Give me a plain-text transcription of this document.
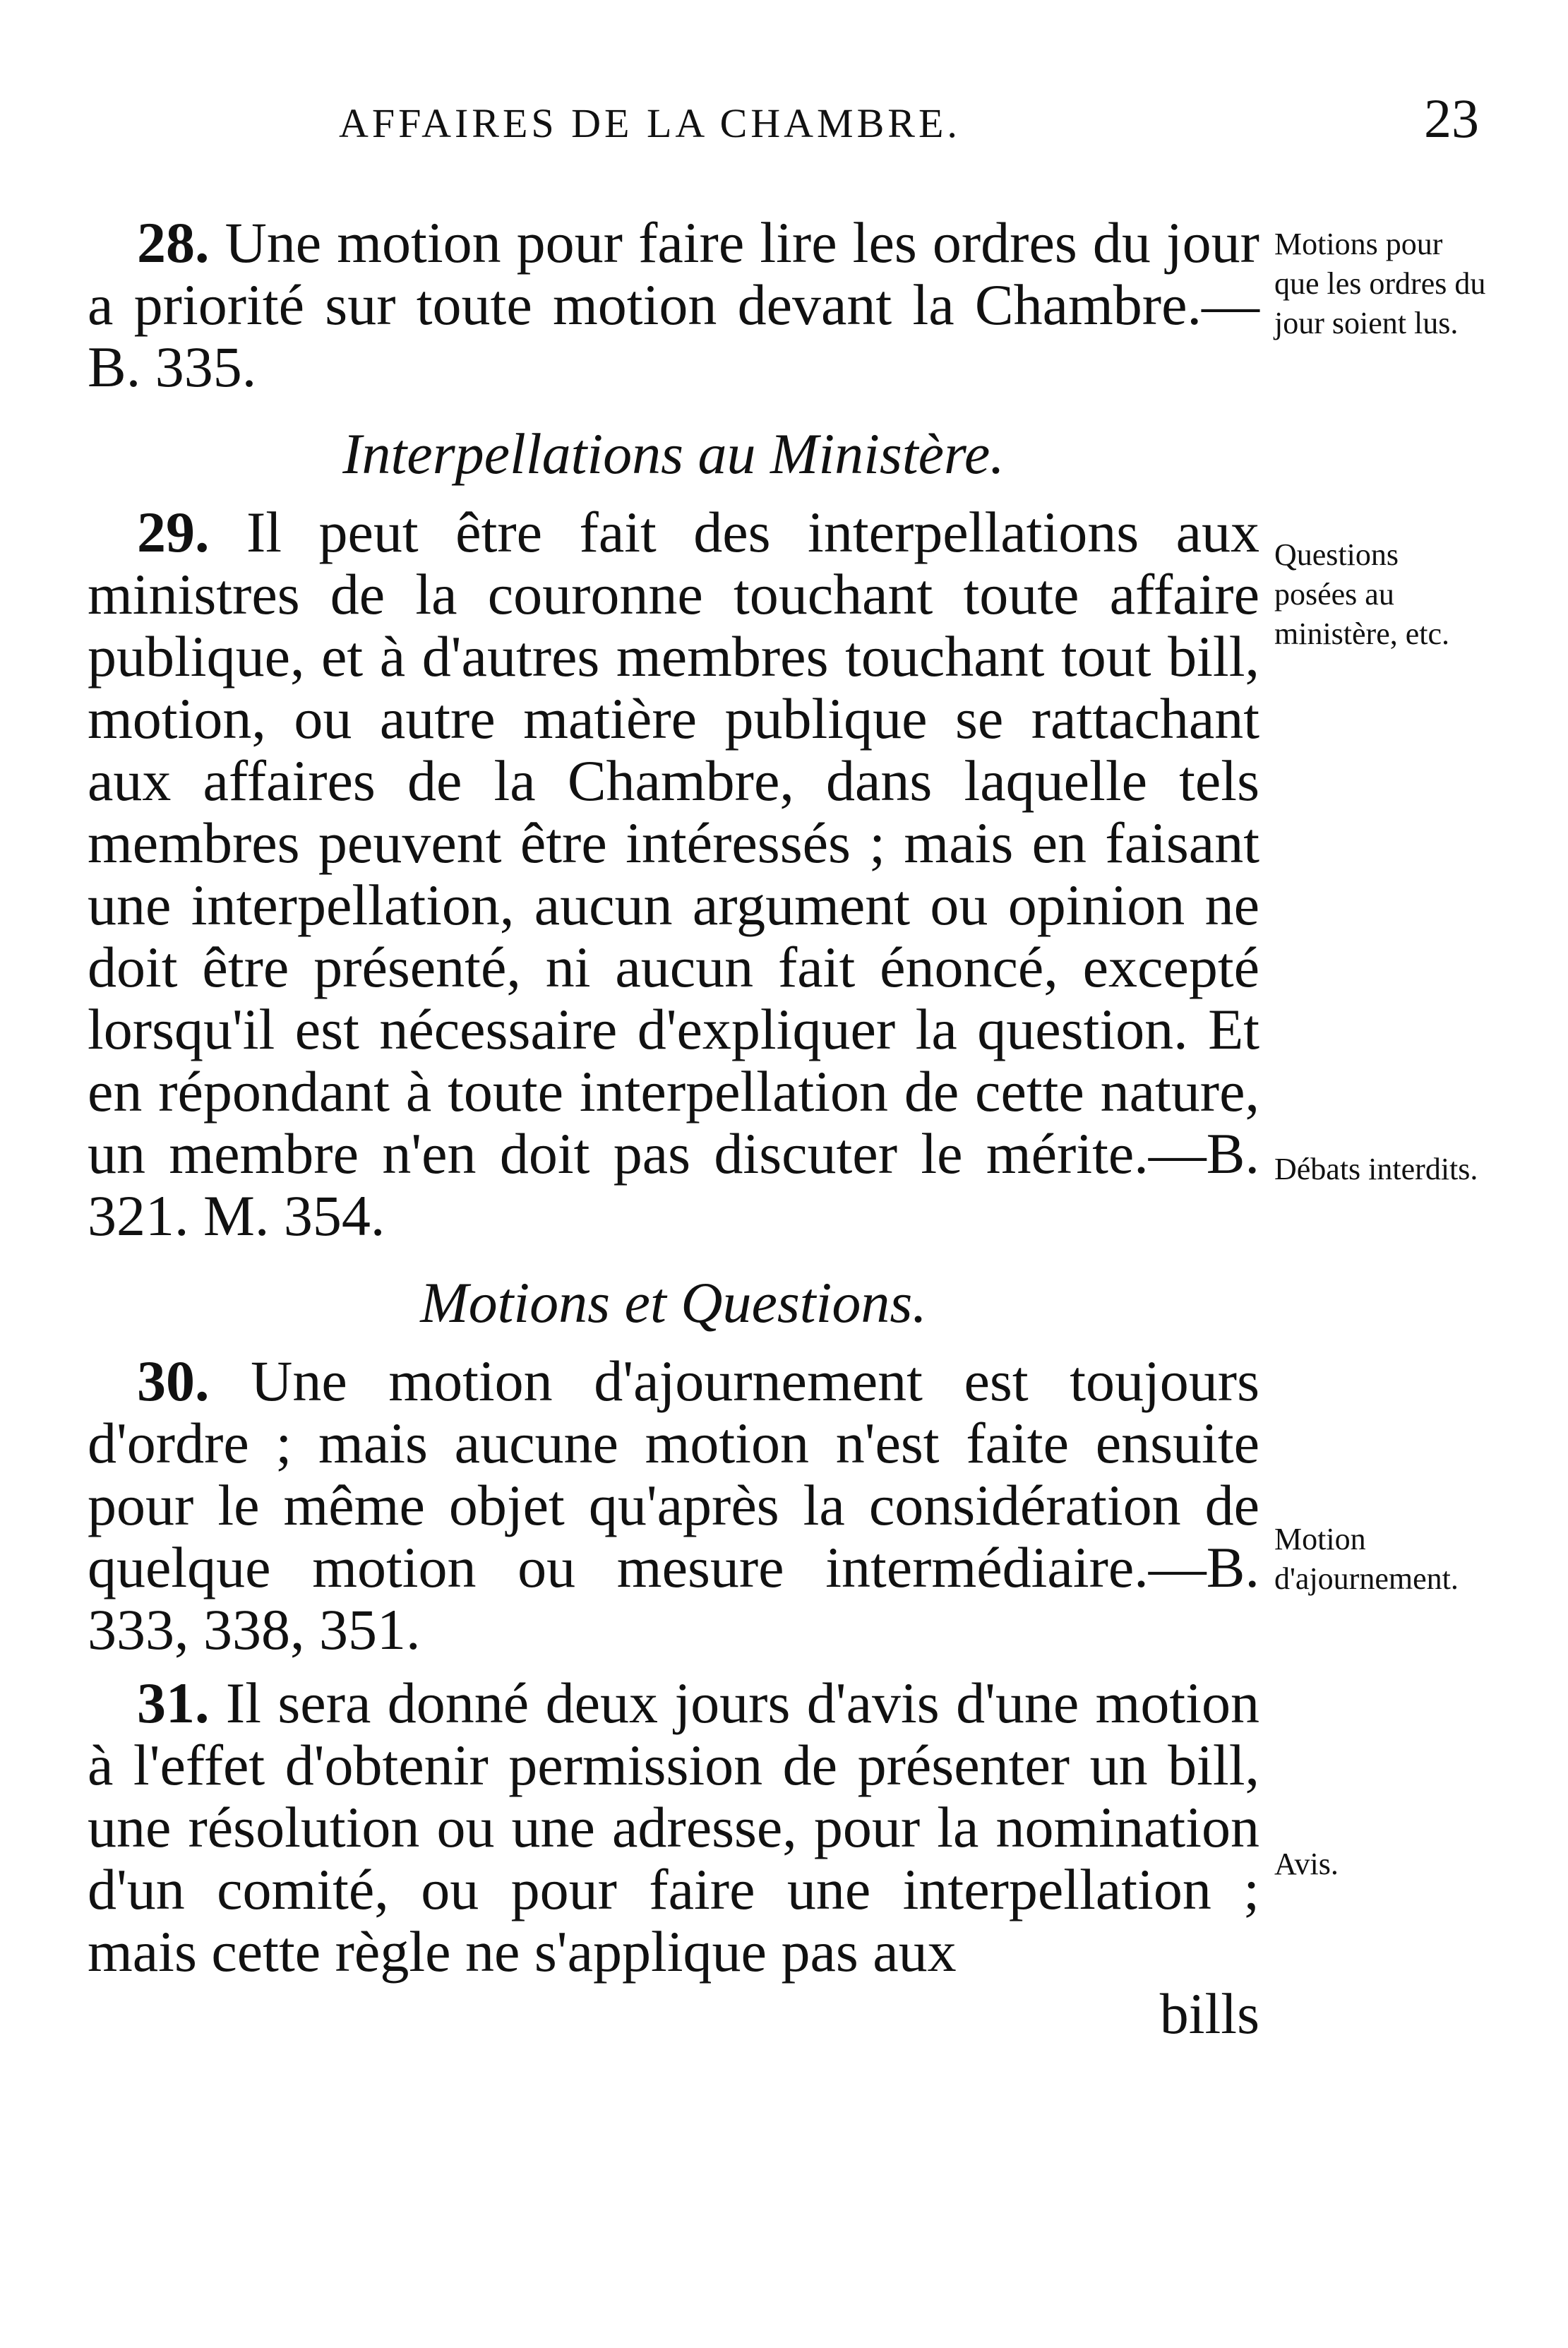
AFFAIRES DE LA CHAMBRE.	23

28. Une motion pour faire lire les ordres du jour a priorité sur toute motion devant la Chambre.—B. 335.

Interpellations au Ministère.

29. Il peut être fait des interpellations aux ministres de la couronne touchant toute affaire publique, et à d'autres membres touchant tout bill, motion, ou autre matière publique se rattachant aux affaires de la Chambre, dans laquelle tels membres peuvent être intéressés ; mais en faisant une interpellation, aucun argument ou opinion ne doit être présenté, ni aucun fait énoncé, excepté lorsqu'il est nécessaire d'expliquer la question. Et en répondant à toute interpellation de cette nature, un membre n'en doit pas discuter le mérite.—B. 321. M. 354.

Motions et Questions.

30. Une motion d'ajournement est toujours d'ordre ; mais aucune motion n'est faite ensuite pour le même objet qu'après la considération de quelque motion ou mesure intermédiaire.—B. 333, 338, 351.

31. Il sera donné deux jours d'avis d'une motion à l'effet d'obtenir permission de présenter un bill, une résolution ou une adresse, pour la nomination d'un comité, ou pour faire une interpellation ; mais cette règle ne s'applique pas aux

bills
Motions pour que les ordres du jour soient lus.
Questions posées au ministère, etc.
Débats interdits.
Motion d'ajournement.
Avis.
